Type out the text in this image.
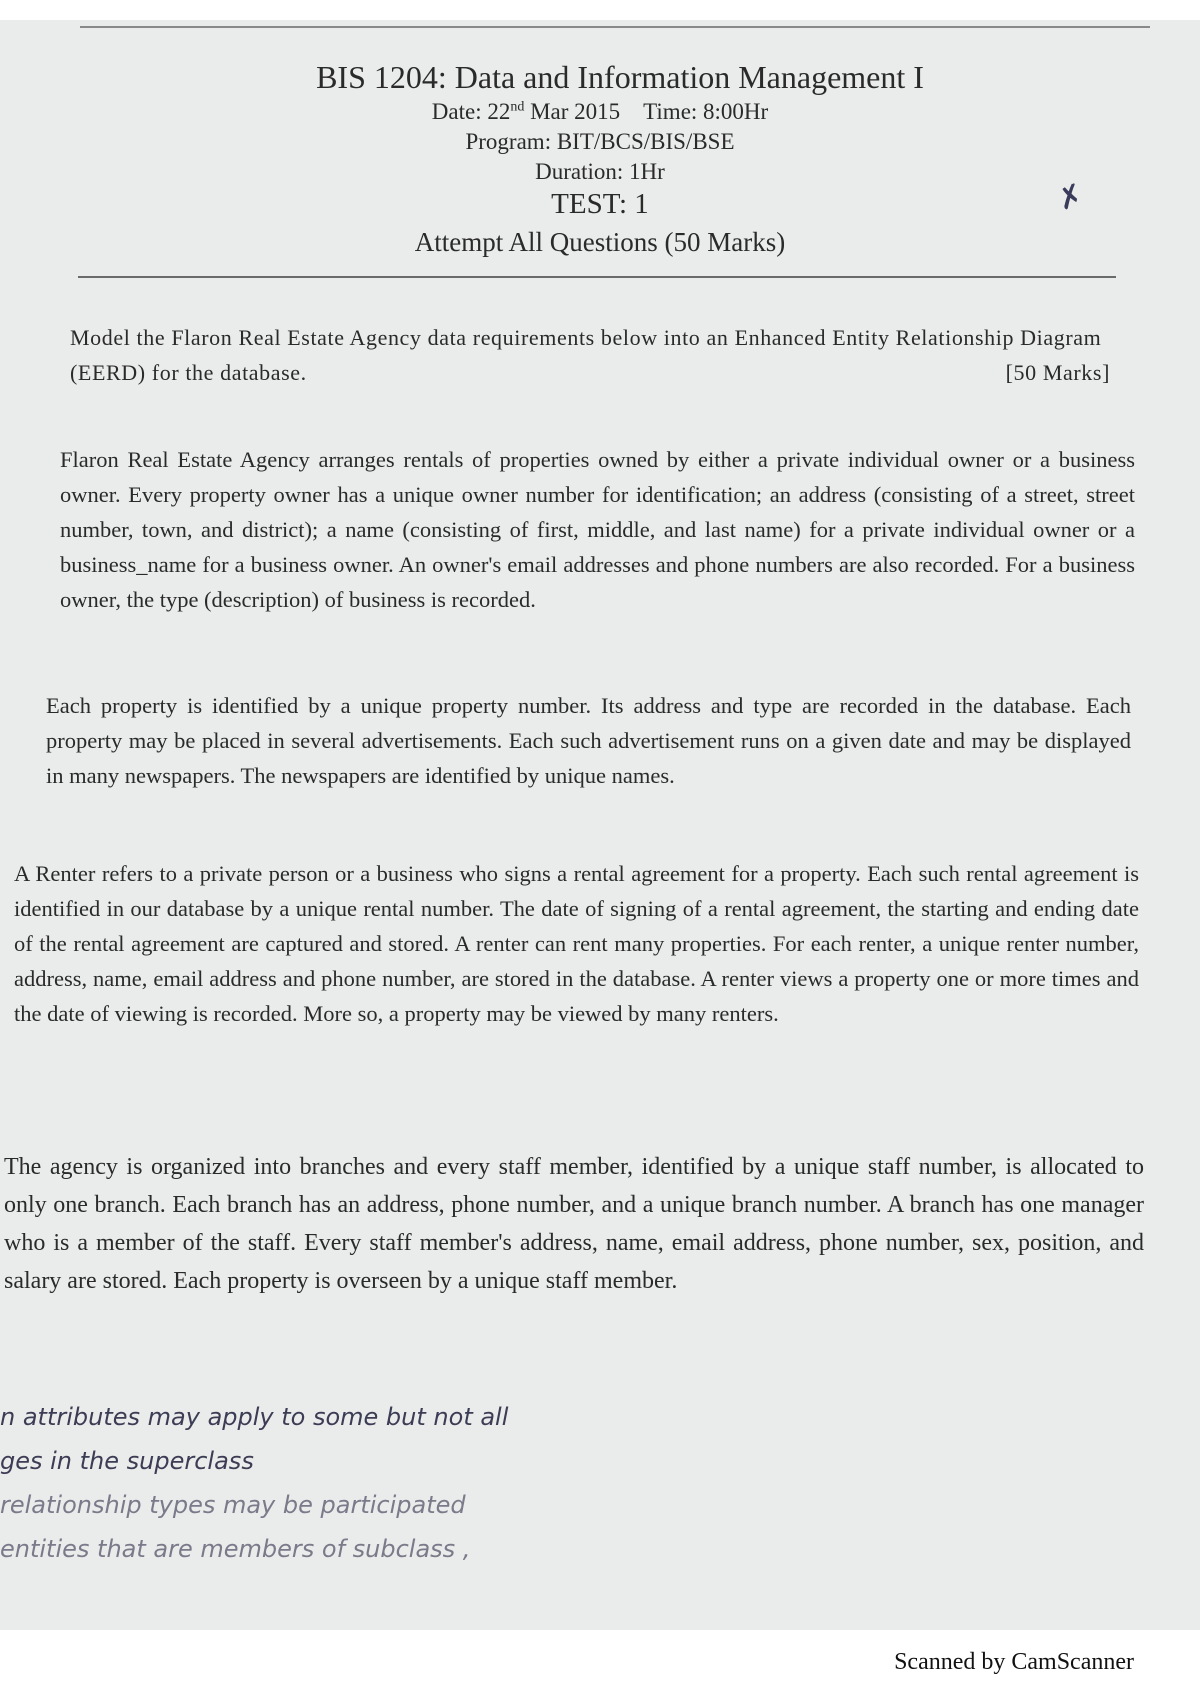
BIS 1204: Data and Information Management I
Date: 22nd Mar 2015 Time: 8:00Hr
Program: BIT/BCS/BIS/BSE
Duration: 1Hr
TEST: 1
Attempt All Questions (50 Marks)
✗
Model the Flaron Real Estate Agency data requirements below into an Enhanced Entity Relationship Diagram (EERD) for the database.	[50 Marks]

Flaron Real Estate Agency arranges rentals of properties owned by either a private individual owner or a business owner. Every property owner has a unique owner number for identification; an address (consisting of a street, street number, town, and district); a name (consisting of first, middle, and last name) for a private individual owner or a business_name for a business owner. An owner's email addresses and phone numbers are also recorded. For a business owner, the type (description) of business is recorded.

Each property is identified by a unique property number. Its address and type are recorded in the database. Each property may be placed in several advertisements. Each such advertisement runs on a given date and may be displayed in many newspapers. The newspapers are identified by unique names.

A Renter refers to a private person or a business who signs a rental agreement for a property. Each such rental agreement is identified in our database by a unique rental number. The date of signing of a rental agreement, the starting and ending date of the rental agreement are captured and stored. A renter can rent many properties. For each renter, a unique renter number, address, name, email address and phone number, are stored in the database. A renter views a property one or more times and the date of viewing is recorded. More so, a property may be viewed by many renters.

The agency is organized into branches and every staff member, identified by a unique staff number, is allocated to only one branch. Each branch has an address, phone number, and a unique branch number. A branch has one manager who is a member of the staff. Every staff member's address, name, email address, phone number, sex, position, and salary are stored. Each property is overseen by a unique staff member.

n attributes may apply to some but not all
ges in the superclass
relationship types may be participated
entities that are members of subclass ,
Scanned by CamScanner
